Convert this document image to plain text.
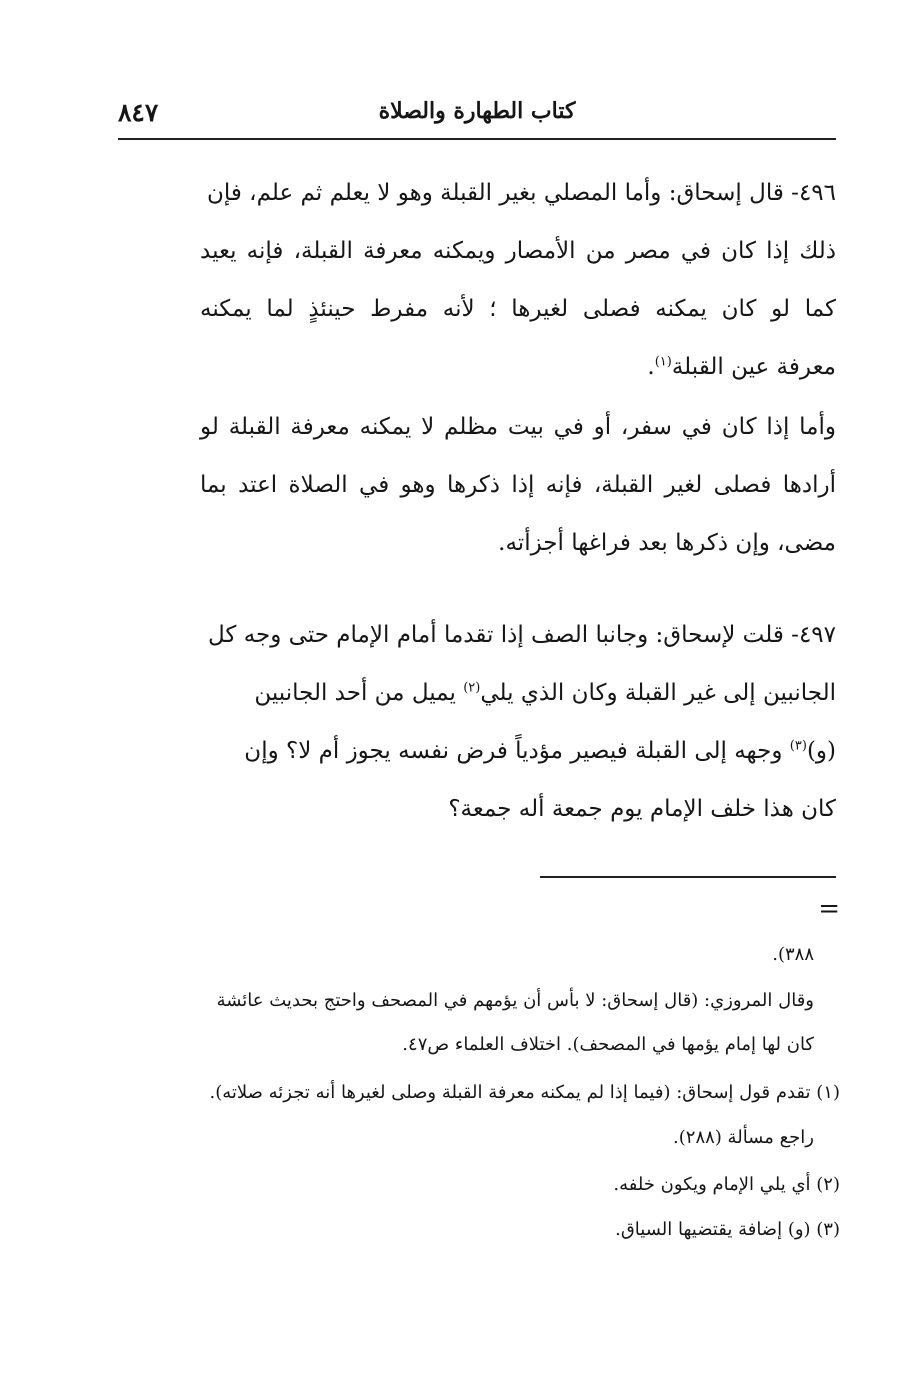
٨٤٧	كتاب الطهارة والصلاة
٤٩٦- قال إسحاق: وأما المصلي بغير القبلة وهو لا يعلم ثم علم، فإن
ذلك إذا كان في مصر من الأمصار ويمكنه معرفة القبلة، فإنه يعيد
كما لو كان يمكنه فصلى لغيرها ؛ لأنه مفرط حينئذٍ لما يمكنه
معرفة عين القبلة$^{(١)}$.
وأما إذا كان في سفر، أو في بيت مظلم لا يمكنه معرفة القبلة لو
أرادها فصلى لغير القبلة، فإنه إذا ذكرها وهو في الصلاة اعتد بما
مضى، وإن ذكرها بعد فراغها أجزأته.
٤٩٧- قلت لإسحاق: وجانبا الصف إذا تقدما أمام الإمام حتى وجه كل
الجانبين إلى غير القبلة وكان الذي يلي$^{(٢)}$ يميل من أحد الجانبين
(و)$^{(٣)}$ وجهه إلى القبلة فيصير مؤدياً فرض نفسه يجوز أم لا؟ وإن
كان هذا خلف الإمام يوم جمعة أله جمعة؟
=
٣٨٨).
وقال المروزي: (قال إسحاق: لا بأس أن يؤمهم في المصحف واحتج بحديث عائشة
كان لها إمام يؤمها في المصحف). اختلاف العلماء ص٤٧.
(١) تقدم قول إسحاق: (فيما إذا لم يمكنه معرفة القبلة وصلى لغيرها أنه تجزئه صلاته).
راجع مسألة (٢٨٨).
(٢) أي يلي الإمام ويكون خلفه.
(٣) (و) إضافة يقتضيها السياق.
